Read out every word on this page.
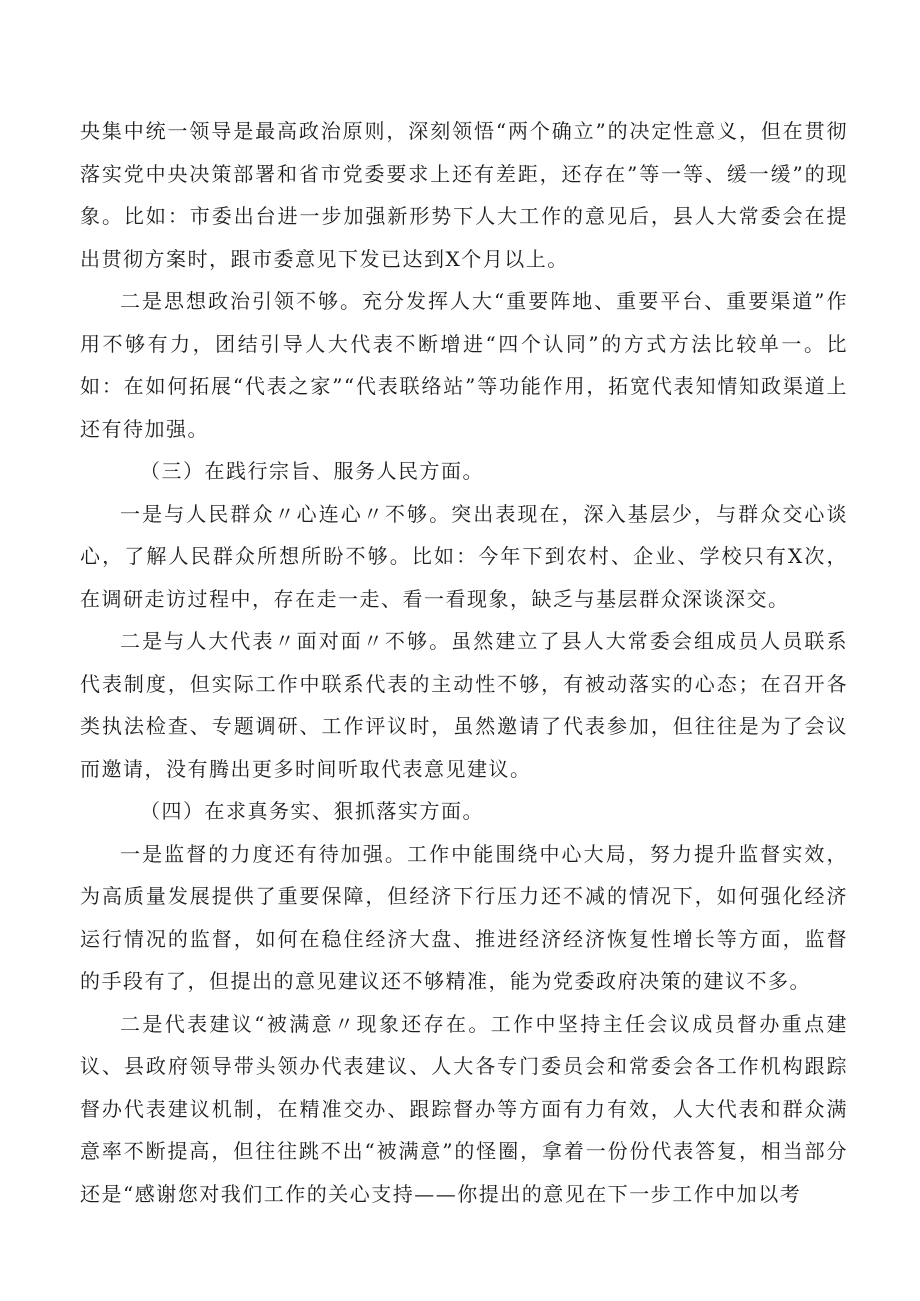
央集中统一领导是最高政治原则，深刻领悟“两个确立”的决定性意义，但在贯彻落实党中央决策部署和省市党委要求上还有差距，还存在”等一等、缓一缓”的现象。比如：市委出台进一步加强新形势下人大工作的意见后，县人大常委会在提出贯彻方案时，跟市委意见下发已达到X个月以上。

二是思想政治引领不够。充分发挥人大“重要阵地、重要平台、重要渠道”作用不够有力，团结引导人大代表不断增进“四个认同”的方式方法比较单一。比如：在如何拓展“代表之家”“代表联络站”等功能作用，拓宽代表知情知政渠道上还有待加强。

（三）在践行宗旨、服务人民方面。

一是与人民群众〃心连心〃不够。突出表现在，深入基层少，与群众交心谈心，了解人民群众所想所盼不够。比如：今年下到农村、企业、学校只有X次，在调研走访过程中，存在走一走、看一看现象，缺乏与基层群众深谈深交。

二是与人大代表〃面对面〃不够。虽然建立了县人大常委会组成员人员联系代表制度，但实际工作中联系代表的主动性不够，有被动落实的心态；在召开各类执法检查、专题调研、工作评议时，虽然邀请了代表参加，但往往是为了会议而邀请，没有腾出更多时间听取代表意见建议。

（四）在求真务实、狠抓落实方面。

一是监督的力度还有待加强。工作中能围绕中心大局，努力提升监督实效，为高质量发展提供了重要保障，但经济下行压力还不减的情况下，如何强化经济运行情况的监督，如何在稳住经济大盘、推进经济经济恢复性增长等方面，监督的手段有了，但提出的意见建议还不够精准，能为党委政府决策的建议不多。

二是代表建议“被满意〃现象还存在。工作中坚持主任会议成员督办重点建议、县政府领导带头领办代表建议、人大各专门委员会和常委会各工作机构跟踪督办代表建议机制，在精准交办、跟踪督办等方面有力有效，人大代表和群众满意率不断提高，但往往跳不出“被满意”的怪圈，拿着一份份代表答复，相当部分还是“感谢您对我们工作的关心支持——你提出的意见在下一步工作中加以考
